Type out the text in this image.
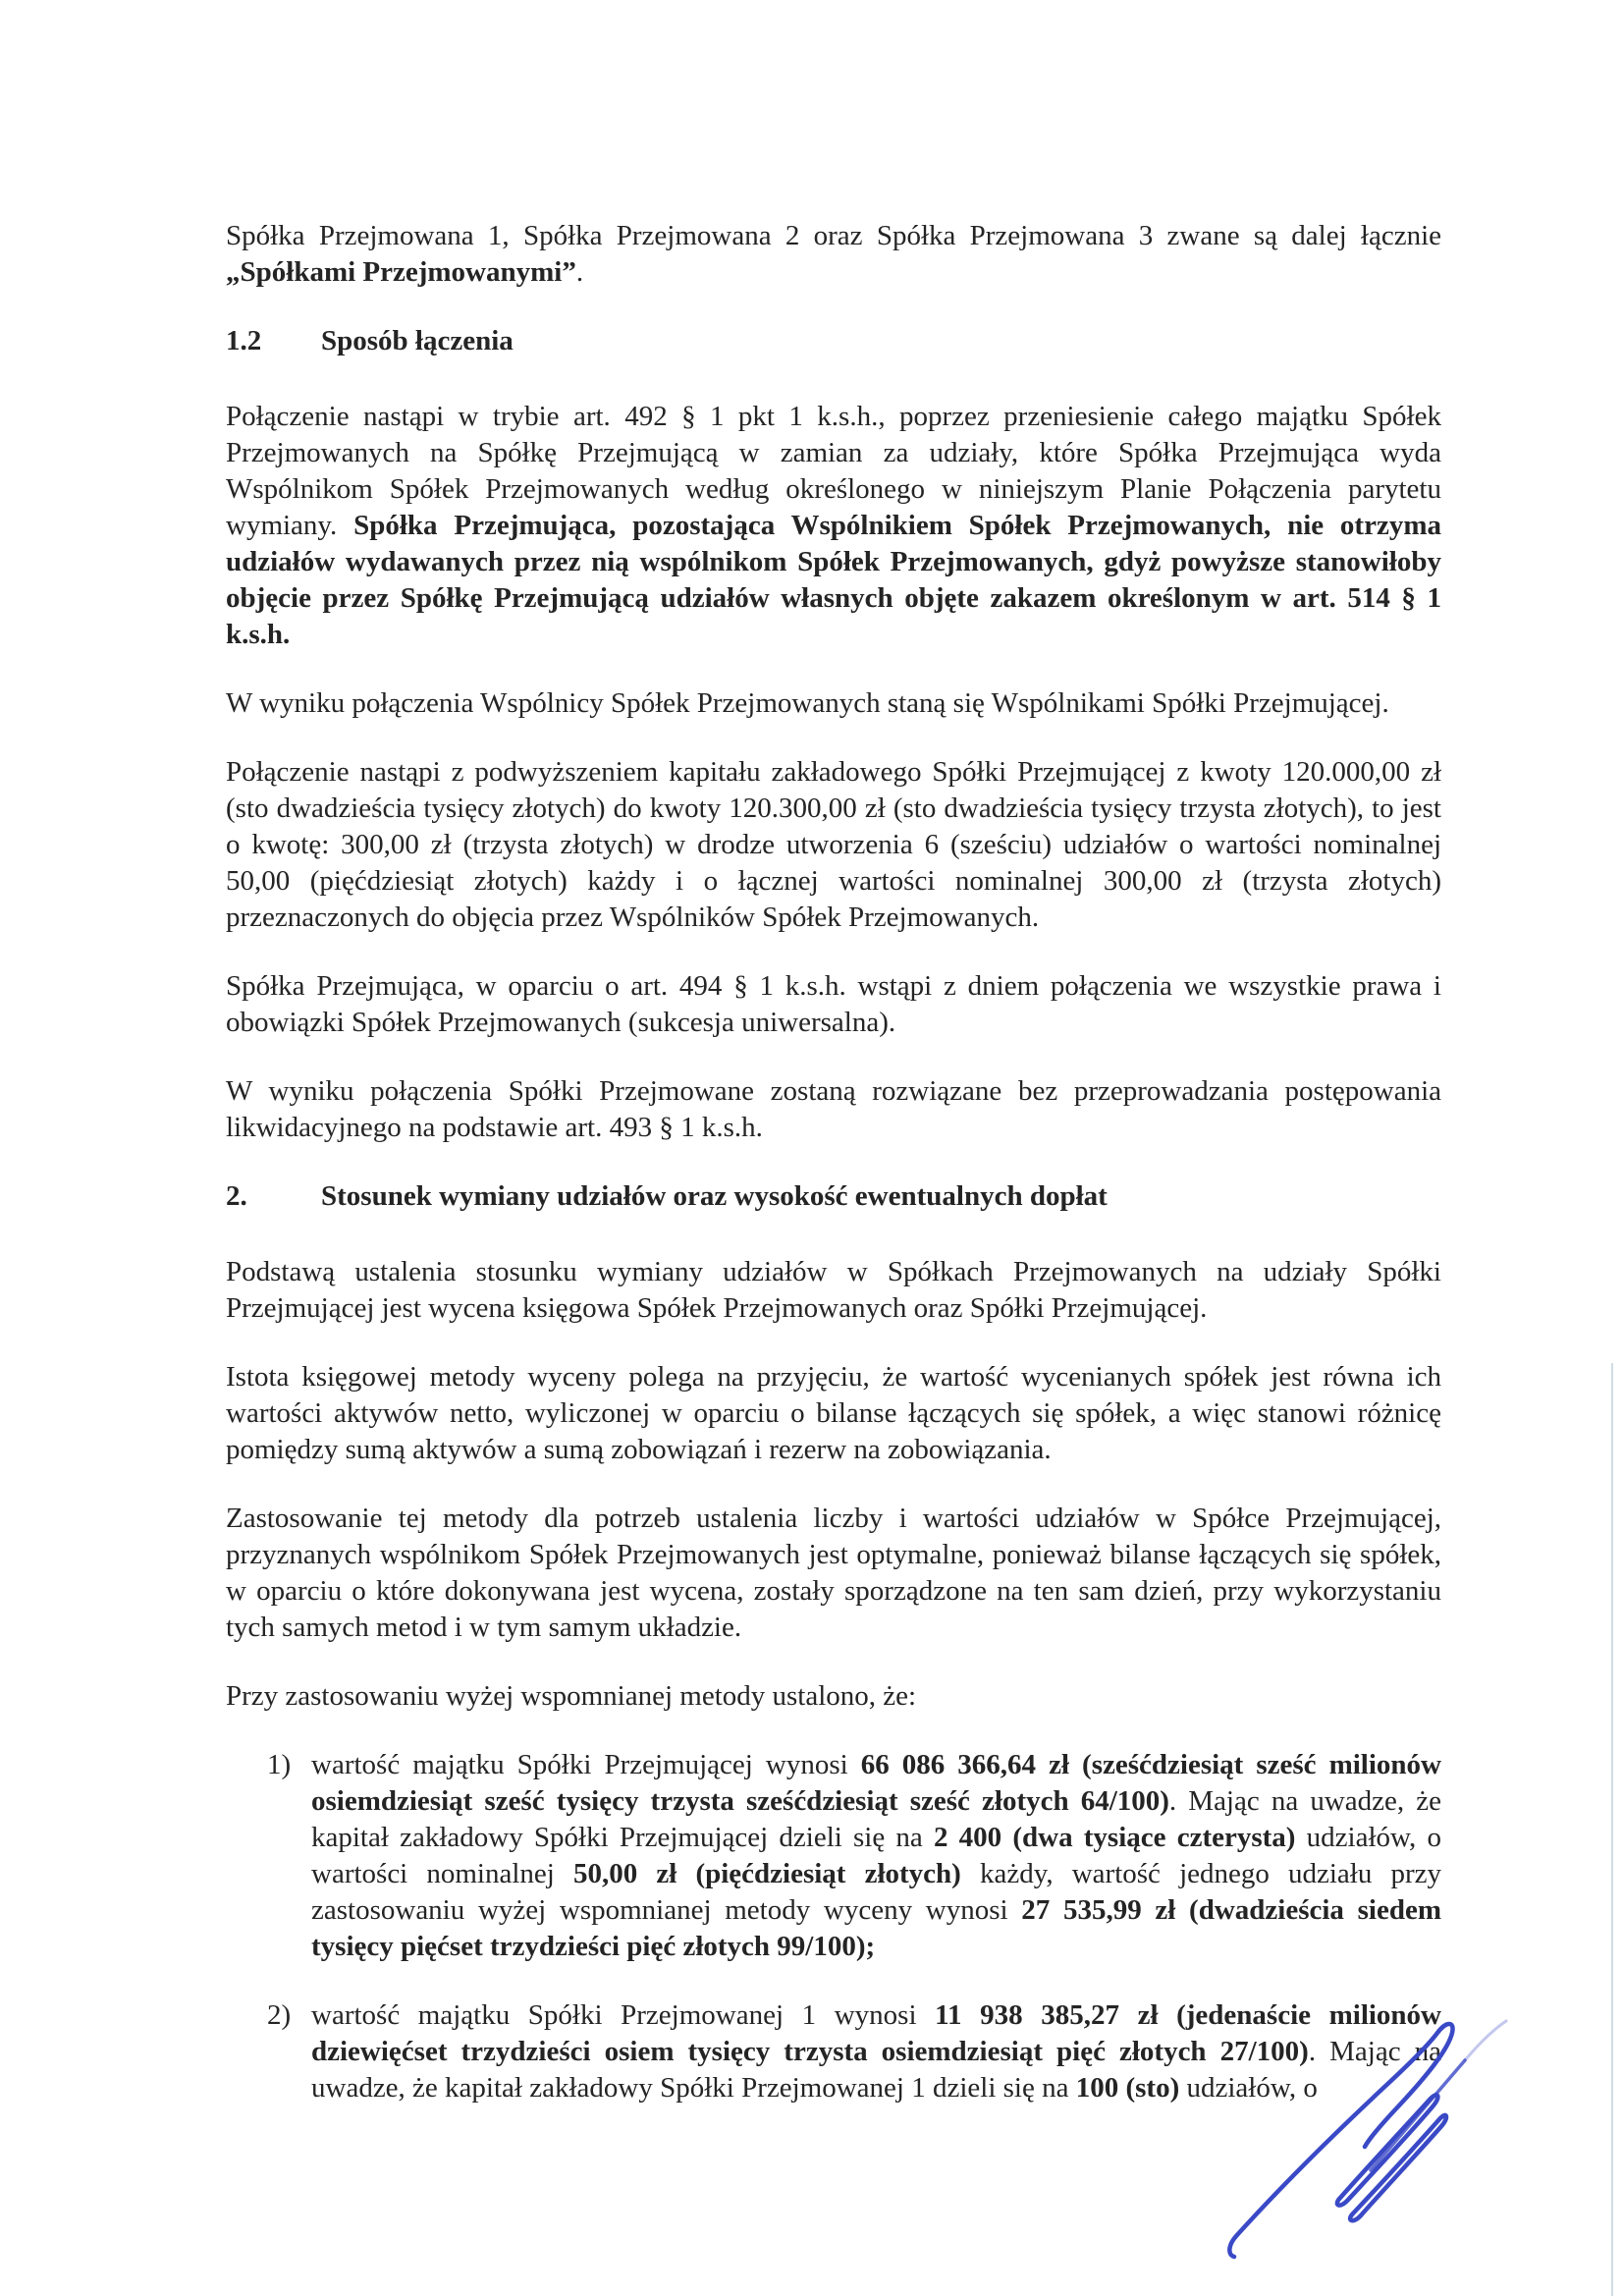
Spółka Przejmowana 1, Spółka Przejmowana 2 oraz Spółka Przejmowana 3 zwane są dalej łącznie „Spółkami Przejmowanymi”.

1.2	Sposób łączenia

Połączenie nastąpi w trybie art. 492 § 1 pkt 1 k.s.h., poprzez przeniesienie całego majątku Spółek Przejmowanych na Spółkę Przejmującą w zamian za udziały, które Spółka Przejmująca wyda Wspólnikom Spółek Przejmowanych według określonego w niniejszym Planie Połączenia parytetu wymiany. Spółka Przejmująca, pozostająca Wspólnikiem Spółek Przejmowanych, nie otrzyma udziałów wydawanych przez nią wspólnikom Spółek Przejmowanych, gdyż powyższe stanowiłoby objęcie przez Spółkę Przejmującą udziałów własnych objęte zakazem określonym w art. 514 § 1 k.s.h.

W wyniku połączenia Wspólnicy Spółek Przejmowanych staną się Wspólnikami Spółki Przejmującej.

Połączenie nastąpi z podwyższeniem kapitału zakładowego Spółki Przejmującej z kwoty 120.000,00 zł (sto dwadzieścia tysięcy złotych) do kwoty 120.300,00 zł (sto dwadzieścia tysięcy trzysta złotych), to jest o kwotę: 300,00 zł (trzysta złotych) w drodze utworzenia 6 (sześciu) udziałów o wartości nominalnej 50,00 (pięćdziesiąt złotych) każdy i o łącznej wartości nominalnej 300,00 zł (trzysta złotych) przeznaczonych do objęcia przez Wspólników Spółek Przejmowanych.

Spółka Przejmująca, w oparciu o art. 494 § 1 k.s.h. wstąpi z dniem połączenia we wszystkie prawa i obowiązki Spółek Przejmowanych (sukcesja uniwersalna).

W wyniku połączenia Spółki Przejmowane zostaną rozwiązane bez przeprowadzania postępowania likwidacyjnego na podstawie art. 493 § 1 k.s.h.

2.	Stosunek wymiany udziałów oraz wysokość ewentualnych dopłat

Podstawą ustalenia stosunku wymiany udziałów w Spółkach Przejmowanych na udziały Spółki Przejmującej jest wycena księgowa Spółek Przejmowanych oraz Spółki Przejmującej.

Istota księgowej metody wyceny polega na przyjęciu, że wartość wycenianych spółek jest równa ich wartości aktywów netto, wyliczonej w oparciu o bilanse łączących się spółek, a więc stanowi różnicę pomiędzy sumą aktywów a sumą zobowiązań i rezerw na zobowiązania.

Zastosowanie tej metody dla potrzeb ustalenia liczby i wartości udziałów w Spółce Przejmującej, przyznanych wspólnikom Spółek Przejmowanych jest optymalne, ponieważ bilanse łączących się spółek, w oparciu o które dokonywana jest wycena, zostały sporządzone na ten sam dzień, przy wykorzystaniu tych samych metod i w tym samym układzie.

Przy zastosowaniu wyżej wspomnianej metody ustalono, że:

1) wartość majątku Spółki Przejmującej wynosi 66 086 366,64 zł (sześćdziesiąt sześć milionów osiemdziesiąt sześć tysięcy trzysta sześćdziesiąt sześć złotych 64/100). Mając na uwadze, że kapitał zakładowy Spółki Przejmującej dzieli się na 2 400 (dwa tysiące czterysta) udziałów, o wartości nominalnej 50,00 zł (pięćdziesiąt złotych) każdy, wartość jednego udziału przy zastosowaniu wyżej wspomnianej metody wyceny wynosi 27 535,99 zł (dwadzieścia siedem tysięcy pięćset trzydzieści pięć złotych 99/100);
2) wartość majątku Spółki Przejmowanej 1 wynosi 11 938 385,27 zł (jedenaście milionów dziewięćset trzydzieści osiem tysięcy trzysta osiemdziesiąt pięć złotych 27/100). Mając na uwadze, że kapitał zakładowy Spółki Przejmowanej 1 dzieli się na 100 (sto) udziałów, o
